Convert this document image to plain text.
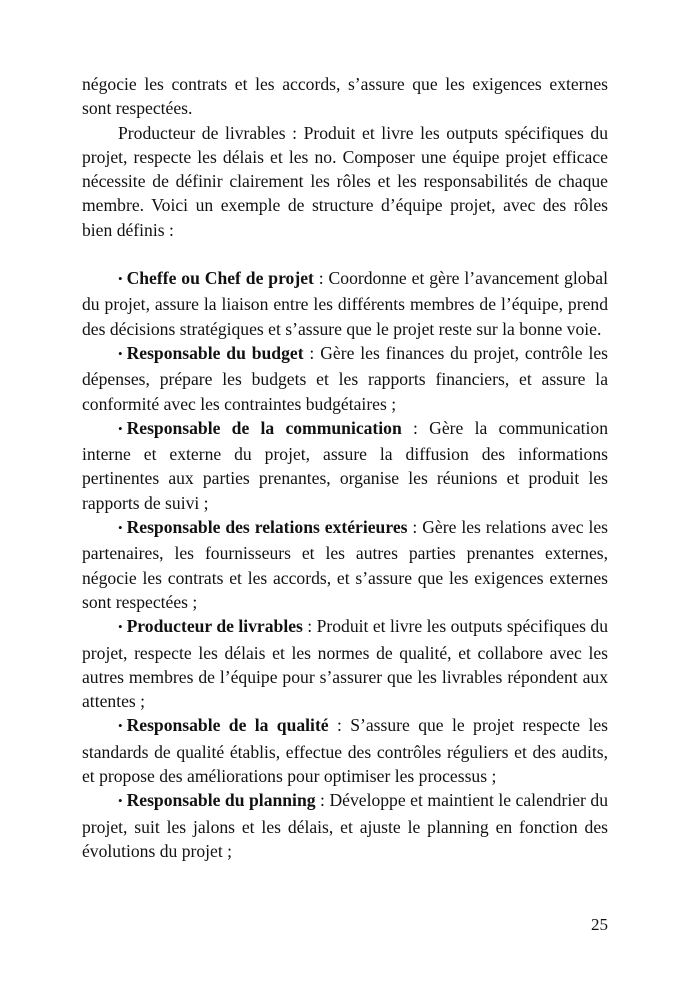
négocie les contrats et les accords, s’assure que les exigences externes sont respectées.

Producteur de livrables : Produit et livre les outputs spécifiques du projet, respecte les délais et les no. Composer une équipe projet efficace nécessite de définir clairement les rôles et les responsabilités de chaque membre. Voici un exemple de structure d’équipe projet, avec des rôles bien définis :

• Cheffe ou Chef de projet : Coordonne et gère l’avancement global du projet, assure la liaison entre les différents membres de l’équipe, prend des décisions stratégiques et s’assure que le projet reste sur la bonne voie.

• Responsable du budget : Gère les finances du projet, contrôle les dépenses, prépare les budgets et les rapports financiers, et assure la conformité avec les contraintes budgétaires ;

• Responsable de la communication : Gère la communication interne et externe du projet, assure la diffusion des informations pertinentes aux parties prenantes, organise les réunions et produit les rapports de suivi ;

• Responsable des relations extérieures : Gère les relations avec les partenaires, les fournisseurs et les autres parties prenantes externes, négocie les contrats et les accords, et s’assure que les exigences externes sont respectées ;

• Producteur de livrables : Produit et livre les outputs spécifiques du projet, respecte les délais et les normes de qualité, et collabore avec les autres membres de l’équipe pour s’assurer que les livrables répondent aux attentes ;

• Responsable de la qualité : S’assure que le projet respecte les standards de qualité établis, effectue des contrôles réguliers et des audits, et propose des améliorations pour optimiser les processus ;

• Responsable du planning : Développe et maintient le calendrier du projet, suit les jalons et les délais, et ajuste le planning en fonction des évolutions du projet ;

25
